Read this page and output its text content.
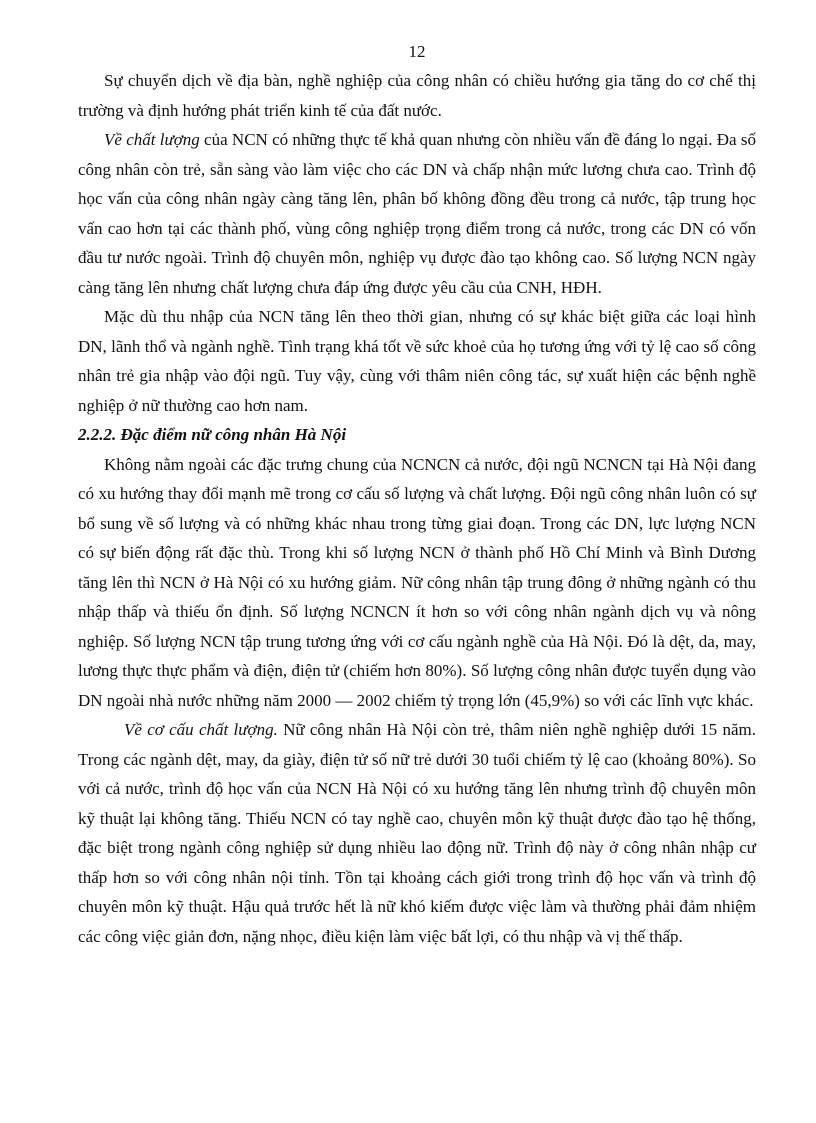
12

Sự chuyển dịch về địa bàn, nghề nghiệp của công nhân có chiều hướng gia tăng do cơ chế thị trường và định hướng phát triển kinh tế của đất nước.

Về chất lượng của NCN có những thực tế khả quan nhưng còn nhiều vấn đề đáng lo ngại. Đa số công nhân còn trẻ, sẵn sàng vào làm việc cho các DN và chấp nhận mức lương chưa cao. Trình độ học vấn của công nhân ngày càng tăng lên, phân bố không đồng đều trong cả nước, tập trung học vấn cao hơn tại các thành phố, vùng công nghiệp trọng điểm trong cả nước, trong các DN có vốn đầu tư nước ngoài. Trình độ chuyên môn, nghiệp vụ được đào tạo không cao. Số lượng NCN ngày càng tăng lên nhưng chất lượng chưa đáp ứng được yêu cầu của CNH, HĐH.

Mặc dù thu nhập của NCN tăng lên theo thời gian, nhưng có sự khác biệt giữa các loại hình DN, lãnh thổ và ngành nghề. Tình trạng khá tốt về sức khoẻ của họ tương ứng với tỷ lệ cao số công nhân trẻ gia nhập vào đội ngũ. Tuy vậy, cùng với thâm niên công tác, sự xuất hiện các bệnh nghề nghiệp ở nữ thường cao hơn nam.

2.2.2. Đặc điểm nữ công nhân Hà Nội

Không nằm ngoài các đặc trưng chung của NCNCN cả nước, đội ngũ NCNCN tại Hà Nội đang có xu hướng thay đổi mạnh mẽ trong cơ cấu số lượng và chất lượng. Đội ngũ công nhân luôn có sự bổ sung về số lượng và có những khác nhau trong từng giai đoạn. Trong các DN, lực lượng NCN có sự biến động rất đặc thù. Trong khi số lượng NCN ở thành phố Hồ Chí Minh và Bình Dương tăng lên thì NCN ở Hà Nội có xu hướng giảm. Nữ công nhân tập trung đông ở những ngành có thu nhập thấp và thiếu ổn định. Số lượng NCNCN ít hơn so với công nhân ngành dịch vụ và nông nghiệp. Số lượng NCN tập trung tương ứng với cơ cấu ngành nghề của Hà Nội. Đó là dệt, da, may, lương thực thực phẩm và điện, điện tử (chiếm hơn 80%). Số lượng công nhân được tuyển dụng vào DN ngoài nhà nước những năm 2000 — 2002 chiếm tỷ trọng lớn (45,9%) so với các lĩnh vực khác.

Về cơ cấu chất lượng. Nữ công nhân Hà Nội còn trẻ, thâm niên nghề nghiệp dưới 15 năm. Trong các ngành dệt, may, da giày, điện tử số nữ trẻ dưới 30 tuổi chiếm tỷ lệ cao (khoảng 80%). So với cả nước, trình độ học vấn của NCN Hà Nội có xu hướng tăng lên nhưng trình độ chuyên môn kỹ thuật lại không tăng. Thiếu NCN có tay nghề cao, chuyên môn kỹ thuật được đào tạo hệ thống, đặc biệt trong ngành công nghiệp sử dụng nhiều lao động nữ. Trình độ này ở công nhân nhập cư thấp hơn so với công nhân nội tỉnh. Tồn tại khoảng cách giới trong trình độ học vấn và trình độ chuyên môn kỹ thuật. Hậu quả trước hết là nữ khó kiếm được việc làm và thường phải đảm nhiệm các công việc giản đơn, nặng nhọc, điều kiện làm việc bất lợi, có thu nhập và vị thế thấp.
